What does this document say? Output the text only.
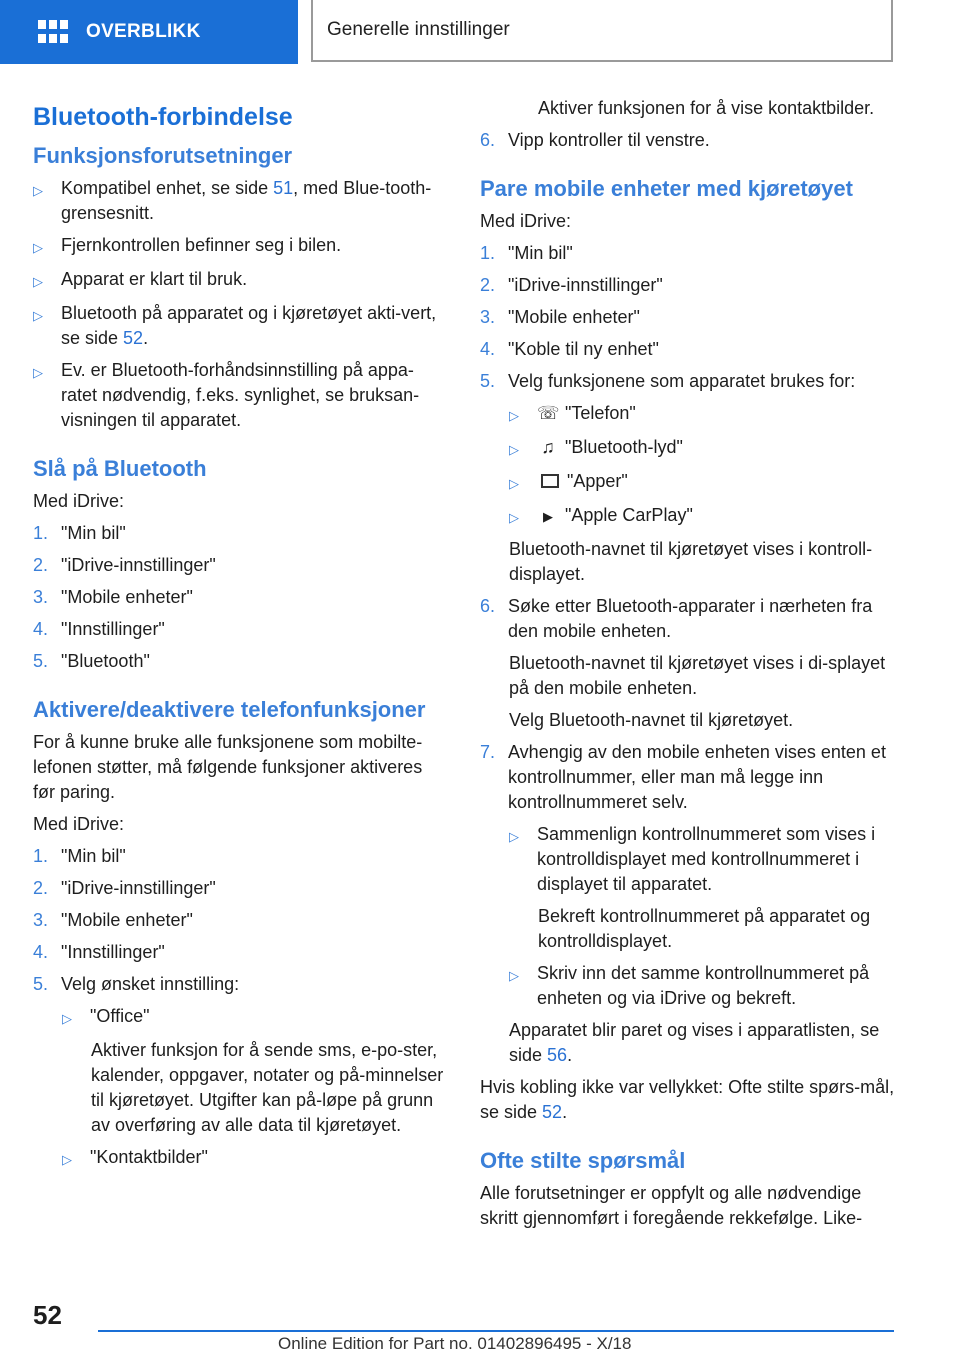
OVERBLIKK	Generelle innstillinger
Bluetooth-forbindelse
Funksjonsforutsetninger
▷	Kompatibel enhet, se side 51, med Blue‐tooth-grensesnitt.
▷	Fjernkontrollen befinner seg i bilen.
▷	Apparat er klart til bruk.
▷	Bluetooth på apparatet og i kjøretøyet akti‐vert, se side 52.
▷	Ev. er Bluetooth-forhåndsinnstilling på appa‐ratet nødvendig, f.eks. synlighet, se bruksan‐visningen til apparatet.
Slå på Bluetooth

Med iDrive:

1. "Min bil"
2. "iDrive-innstillinger"
3. "Mobile enheter"
4. "Innstillinger"
5. "Bluetooth"
Aktivere/deaktivere telefonfunksjoner

For å kunne bruke alle funksjonene som mobilte‐lefonen støtter, må følgende funksjoner aktiveres før paring.

Med iDrive:

1. "Min bil"
2. "iDrive-innstillinger"
3. "Mobile enheter"
4. "Innstillinger"
5. Velg ønsket innstilling:
▷	"Office"

Aktiver funksjon for å sende sms, e-po‐ster, kalender, oppgaver, notater og på‐minnelser til kjøretøyet. Utgifter kan på‐løpe på grunn av overføring av alle data til kjøretøyet.

▷	"Kontaktbilder"

Aktiver funksjonen for å vise kontaktbilder.

6. Vipp kontroller til venstre.
Pare mobile enheter med kjøretøyet

Med iDrive:

1. "Min bil"
2. "iDrive-innstillinger"
3. "Mobile enheter"
4. "Koble til ny enhet"
5. Velg funksjonene som apparatet brukes for:
▷	☏ "Telefon"
▷	♫ "Bluetooth-lyd"
▷	"Apper"
▷	▶ "Apple CarPlay"

Bluetooth-navnet til kjøretøyet vises i kontroll‐displayet.

6. Søke etter Bluetooth-apparater i nærheten fra den mobile enheten.

Bluetooth-navnet til kjøretøyet vises i di‐splayet på den mobile enheten.

Velg Bluetooth-navnet til kjøretøyet.

7. Avhengig av den mobile enheten vises enten et kontrollnummer, eller man må legge inn kontrollnummeret selv.
▷	Sammenlign kontrollnummeret som vises i kontrolldisplayet med kontrollnummeret i displayet til apparatet.

Bekreft kontrollnummeret på apparatet og kontrolldisplayet.

▷	Skriv inn det samme kontrollnummeret på enheten og via iDrive og bekreft.

Apparatet blir paret og vises i apparatlisten, se side 56.

Hvis kobling ikke var vellykket: Ofte stilte spørs‐mål, se side 52.

Ofte stilte spørsmål

Alle forutsetninger er oppfylt og alle nødvendige skritt gjennomført i foregående rekkefølge. Like‐

52
Online Edition for Part no. 01402896495 - X/18
